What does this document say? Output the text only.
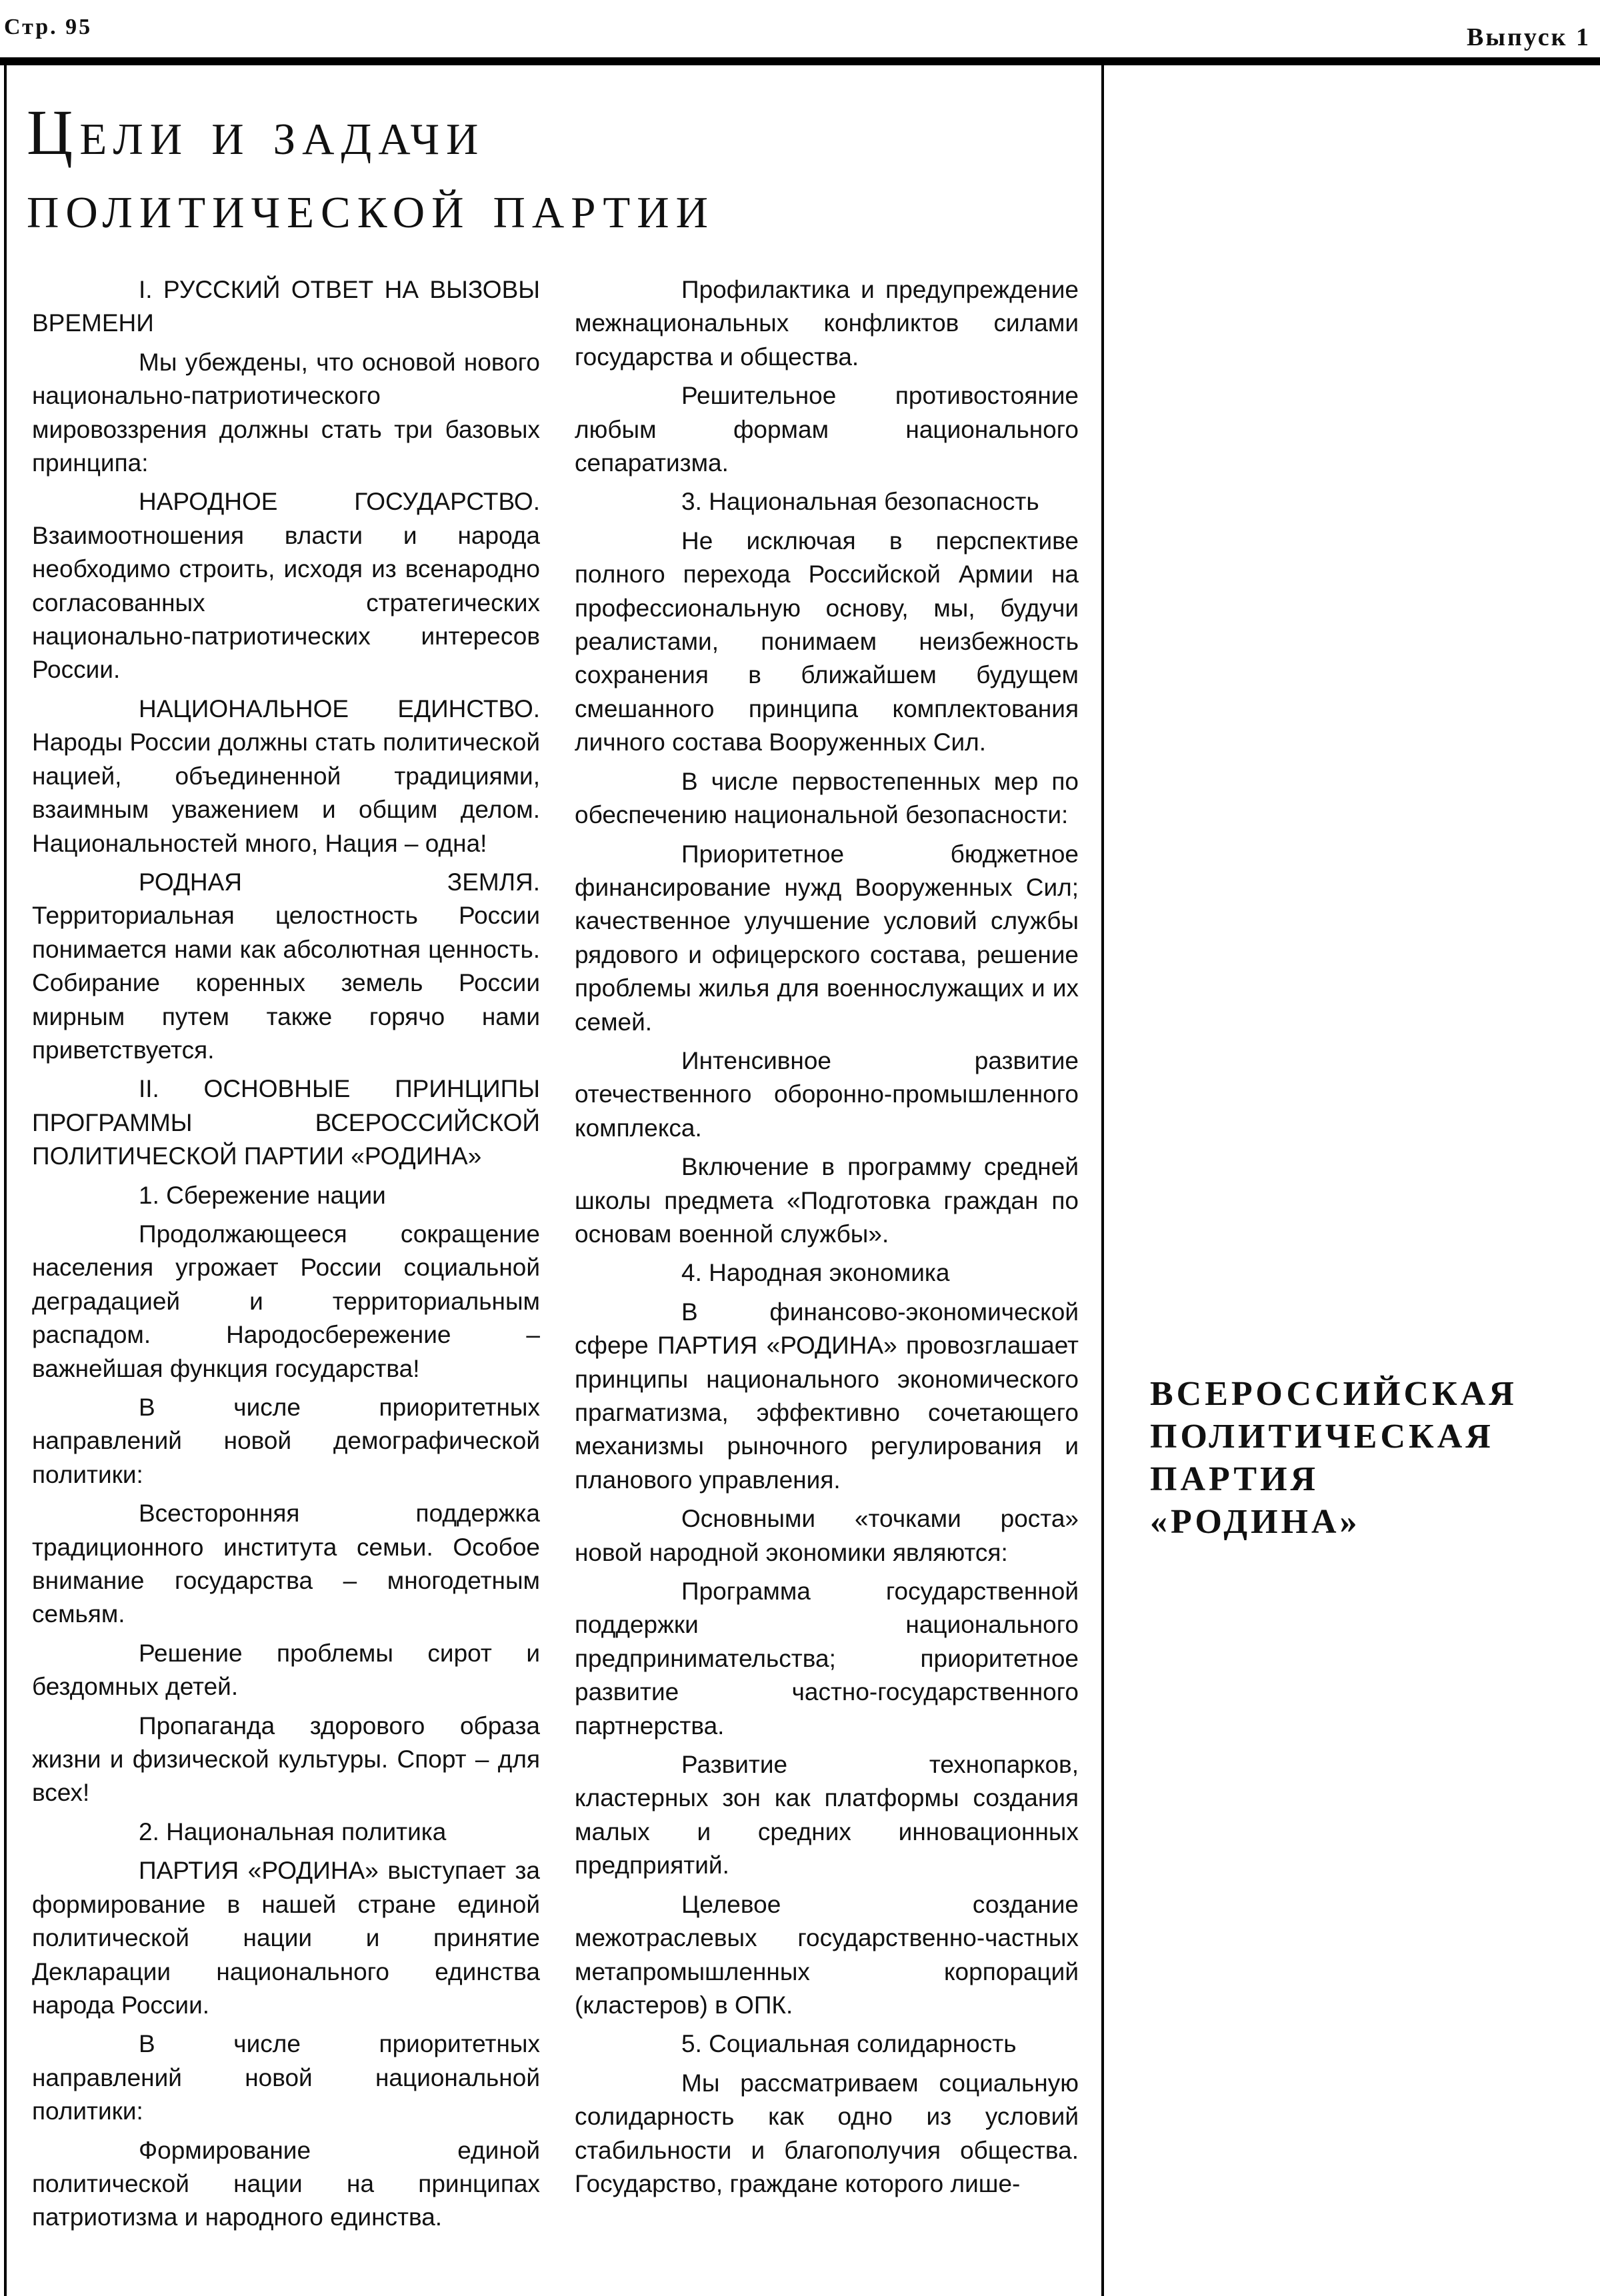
Стр. 95	Выпуск 1
Цели и задачи
политической партии

I. РУССКИЙ ОТВЕТ НА ВЫЗОВЫ ВРЕМЕНИ

Мы убеждены, что основой нового национально-патриотического мировоззрения должны стать три базовых принципа:

НАРОДНОЕ ГОСУДАРСТВО. Взаимоотношения власти и народа необходимо строить, исходя из всенародно согласованных стратегических национально-патриотических интересов России.

НАЦИОНАЛЬНОЕ ЕДИНСТВО. Народы России должны стать политической нацией, объединенной традициями, взаимным уважением и общим делом. Национальностей много, Нация – одна!

РОДНАЯ ЗЕМЛЯ. Территориальная целостность России понимается нами как абсолютная ценность. Собирание коренных земель России мирным путем также горячо нами приветствуется.

II. ОСНОВНЫЕ ПРИНЦИПЫ ПРОГРАММЫ ВСЕРОССИЙСКОЙ ПОЛИТИЧЕСКОЙ ПАРТИИ «РОДИНА»

1. Сбережение нации

Продолжающееся сокращение населения угрожает России социальной деградацией и территориальным распадом. Народосбережение – важнейшая функция государства!

В числе приоритетных направлений новой демографической политики:

Всесторонняя поддержка традиционного института семьи. Особое внимание государства – многодетным семьям.

Решение проблемы сирот и бездомных детей.

Пропаганда здорового образа жизни и физической культуры. Спорт – для всех!

2. Национальная политика

ПАРТИЯ «РОДИНА» выступает за формирование в нашей стране единой политической нации и принятие Декларации национального единства народа России.

В числе приоритетных направлений новой национальной политики:

Формирование единой политической нации на принципах патриотизма и народного единства.

Профилактика и предупреждение межнациональных конфликтов силами государства и общества.

Решительное противостояние любым формам национального сепаратизма.

3. Национальная безопасность

Не исключая в перспективе полного перехода Российской Армии на профессиональную основу, мы, будучи реалистами, понимаем неизбежность сохранения в ближайшем будущем смешанного принципа комплектования личного состава Вооруженных Сил.

В числе первостепенных мер по обеспечению национальной безопасности:

Приоритетное бюджетное финансирование нужд Вооруженных Сил; качественное улучшение условий службы рядового и офицерского состава, решение проблемы жилья для военнослужащих и их семей.

Интенсивное развитие отечественного оборонно-промышленного комплекса.

Включение в программу средней школы предмета «Подготовка граждан по основам военной службы».

4. Народная экономика

В финансово-экономической сфере ПАРТИЯ «РОДИНА» провозглашает принципы национального экономического прагматизма, эффективно сочетающего механизмы рыночного регулирования и планового управления.

Основными «точками роста» новой народной экономики являются:

Программа государственной поддержки национального предпринимательства; приоритетное развитие частно-государственного партнерства.

Развитие технопарков, кластерных зон как платформы создания малых и средних инновационных предприятий.

Целевое создание межотраслевых государственно-частных метапромышленных корпораций (кластеров) в ОПК.

5. Социальная солидарность

Мы рассматриваем социальную солидарность как одно из условий стабильности и благополучия общества. Государство, граждане которого лише-

ВСЕРОССИЙСКАЯ
ПОЛИТИЧЕСКАЯ
ПАРТИЯ
«РОДИНА»
